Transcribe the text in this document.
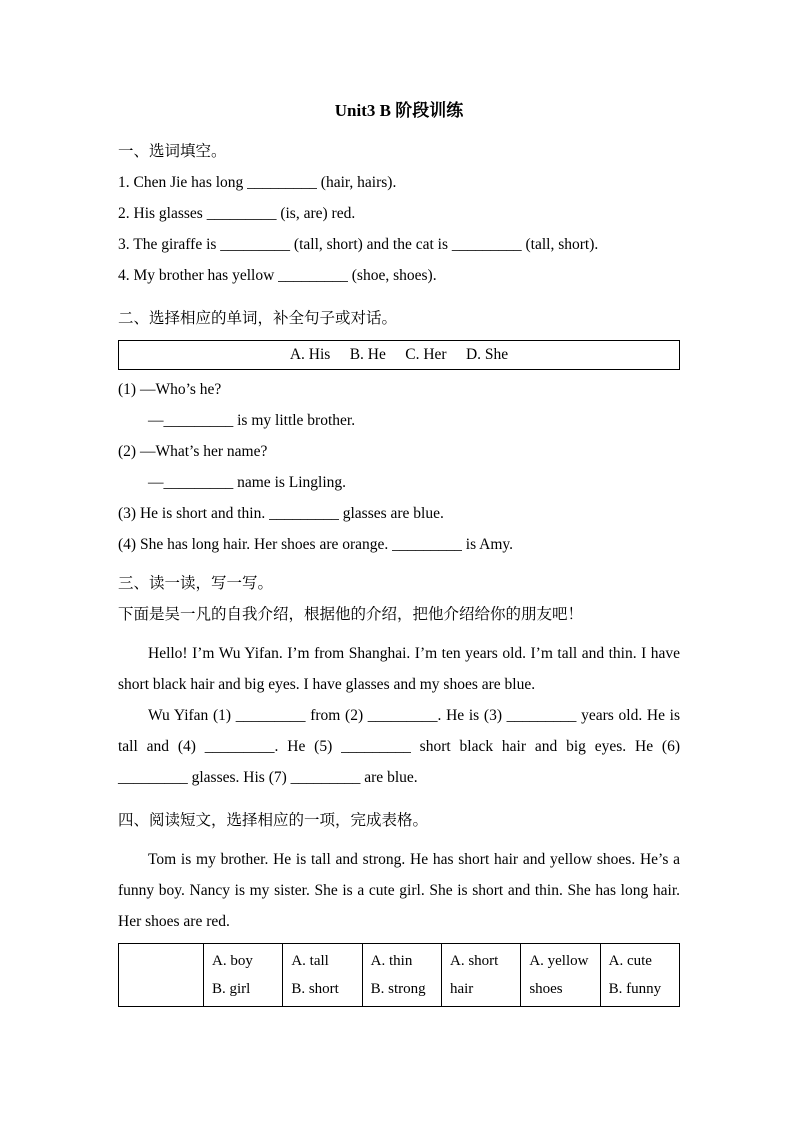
Unit3 B 阶段训练
一、选词填空。
1. Chen Jie has long _________ (hair, hairs).
2. His glasses _________ (is, are) red.
3. The giraffe is _________ (tall, short) and the cat is _________ (tall, short).
4. My brother has yellow _________ (shoe, shoes).
二、选择相应的单词，补全句子或对话。
A. His     B. He     C. Her     D. She
(1) —Who’s he?
—_________ is my little brother.
(2) —What’s her name?
—_________ name is Lingling.
(3) He is short and thin. _________ glasses are blue.
(4) She has long hair. Her shoes are orange. _________ is Amy.
三、读一读，写一写。
下面是吴一凡的自我介绍，根据他的介绍，把他介绍给你的朋友吧！
Hello! I’m Wu Yifan. I’m from Shanghai. I’m ten years old. I’m tall and thin. I have short black hair and big eyes. I have glasses and my shoes are blue.
Wu Yifan (1) _________ from (2) _________. He is (3) _________ years old. He is tall and (4) _________. He (5) _________ short black hair and big eyes. He (6) _________ glasses. His (7) _________ are blue.
四、阅读短文，选择相应的一项，完成表格。
Tom is my brother. He is tall and strong. He has short hair and yellow shoes. He’s a funny boy. Nancy is my sister. She is a cute girl. She is short and thin. She has long hair. Her shoes are red.

A. boy
B. girl

A. tall
B. short

A. thin
B. strong

A. short
hair

A. yellow
shoes

A. cute
B. funny
